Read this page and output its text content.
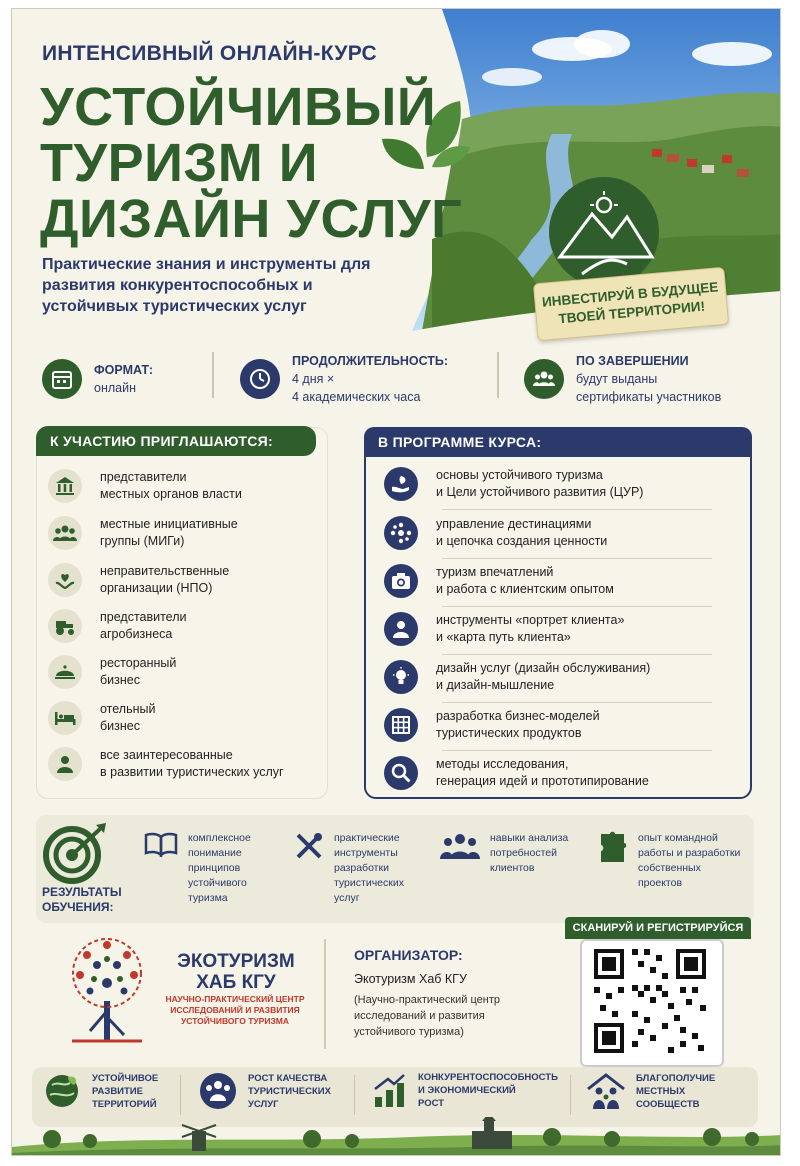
ИНТЕНСИВНЫЙ ОНЛАЙН-КУРС
УСТОЙЧИВЫЙ
ТУРИЗМ И
ДИЗАЙН УСЛУГ
Практические знания и инструменты для развития конкурентоспособных и устойчивых туристических услуг	ИНВЕСТИРУЙ В БУДУЩЕЕ ТВОЕЙ ТЕРРИТОРИИ!
ФОРМАТ:
онлайн
ПРОДОЛЖИТЕЛЬНОСТЬ:
4 дня ×
4 академических часа
ПО ЗАВЕРШЕНИИ
будут выданы
сертификаты участников
К УЧАСТИЮ ПРИГЛАШАЮТСЯ:
представители
местных органов власти
местные инициативные
группы (МИГи)
неправительственные
организации (НПО)
представители
агробизнеса
ресторанный
бизнес
отельный
бизнес
все заинтересованные
в развитии туристических услуг
В ПРОГРАММЕ КУРСА:
основы устойчивого туризма
и Цели устойчивого развития (ЦУР)
управление дестинациями
и цепочка создания ценности
туризм впечатлений
и работа с клиентским опытом
инструменты «портрет клиента»
и «карта путь клиента»
дизайн услуг (дизайн обслуживания)
и дизайн-мышление
разработка бизнес-моделей
туристических продуктов
методы исследования,
генерация идей и прототипирование
РЕЗУЛЬТАТЫ
ОБУЧЕНИЯ:
комплексное
понимание
принципов
устойчивого
туризма
практические
инструменты
разработки
туристических
услуг
навыки анализа
потребностей
клиентов
опыт командной
работы и разработки
собственных
проектов
ЭКОТУРИЗМ
ХАБ КГУ
НАУЧНО-ПРАКТИЧЕСКИЙ ЦЕНТР
ИССЛЕДОВАНИЙ И РАЗВИТИЯ
УСТОЙЧИВОГО ТУРИЗМА
ОРГАНИЗАТОР:
Экотуризм Хаб КГУ
(Научно-практический центр
исследований и развития
устойчивого туризма)
СКАНИРУЙ И РЕГИСТРИРУЙСЯ
УСТОЙЧИВОЕ
РАЗВИТИЕ
ТЕРРИТОРИЙ
РОСТ КАЧЕСТВА
ТУРИСТИЧЕСКИХ
УСЛУГ
КОНКУРЕНТОСПОСОБНОСТЬ
И ЭКОНОМИЧЕСКИЙ
РОСТ
БЛАГОПОЛУЧИЕ
МЕСТНЫХ
СООБЩЕСТВ
